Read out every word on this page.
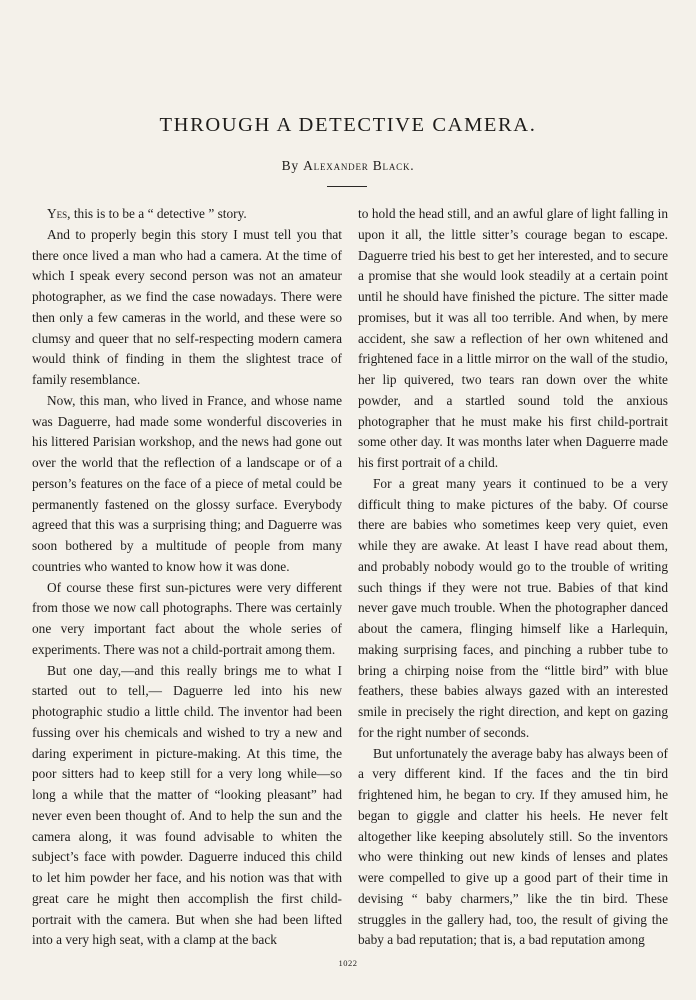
THROUGH A DETECTIVE CAMERA.
By Alexander Black.

Yes, this is to be a “ detective ” story.

And to properly begin this story I must tell you that there once lived a man who had a camera. At the time of which I speak every second person was not an amateur photographer, as we find the case nowadays. There were then only a few cameras in the world, and these were so clumsy and queer that no self-respecting modern camera would think of finding in them the slightest trace of family resemblance.

Now, this man, who lived in France, and whose name was Daguerre, had made some wonderful discoveries in his littered Parisian workshop, and the news had gone out over the world that the reflection of a landscape or of a person’s features on the face of a piece of metal could be permanently fastened on the glossy surface. Everybody agreed that this was a surprising thing; and Daguerre was soon bothered by a multitude of people from many countries who wanted to know how it was done.

Of course these first sun-pictures were very different from those we now call photographs. There was certainly one very important fact about the whole series of experiments. There was not a child-portrait among them.

But one day,—and this really brings me to what I started out to tell,— Daguerre led into his new photographic studio a little child. The inventor had been fussing over his chemicals and wished to try a new and daring experiment in picture-making. At this time, the poor sitters had to keep still for a very long while—so long a while that the matter of “looking pleasant” had never even been thought of. And to help the sun and the camera along, it was found advisable to whiten the subject’s face with powder. Daguerre induced this child to let him powder her face, and his notion was that with great care he might then accomplish the first child-portrait with the camera. But when she had been lifted into a very high seat, with a clamp at the back

to hold the head still, and an awful glare of light falling in upon it all, the little sitter’s courage began to escape. Daguerre tried his best to get her interested, and to secure a promise that she would look steadily at a certain point until he should have finished the picture. The sitter made promises, but it was all too terrible. And when, by mere accident, she saw a reflection of her own whitened and frightened face in a little mirror on the wall of the studio, her lip quivered, two tears ran down over the white powder, and a startled sound told the anxious photographer that he must make his first child-portrait some other day. It was months later when Daguerre made his first portrait of a child.

For a great many years it continued to be a very difficult thing to make pictures of the baby. Of course there are babies who sometimes keep very quiet, even while they are awake. At least I have read about them, and probably nobody would go to the trouble of writing such things if they were not true. Babies of that kind never gave much trouble. When the photographer danced about the camera, flinging himself like a Harlequin, making surprising faces, and pinching a rubber tube to bring a chirping noise from the “little bird” with blue feathers, these babies always gazed with an interested smile in precisely the right direction, and kept on gazing for the right number of seconds.

But unfortunately the average baby has always been of a very different kind. If the faces and the tin bird frightened him, he began to cry. If they amused him, he began to giggle and clatter his heels. He never felt altogether like keeping absolutely still. So the inventors who were thinking out new kinds of lenses and plates were compelled to give up a good part of their time in devising “ baby charmers,” like the tin bird. These struggles in the gallery had, too, the result of giving the baby a bad reputation; that is, a bad reputation among

1022
